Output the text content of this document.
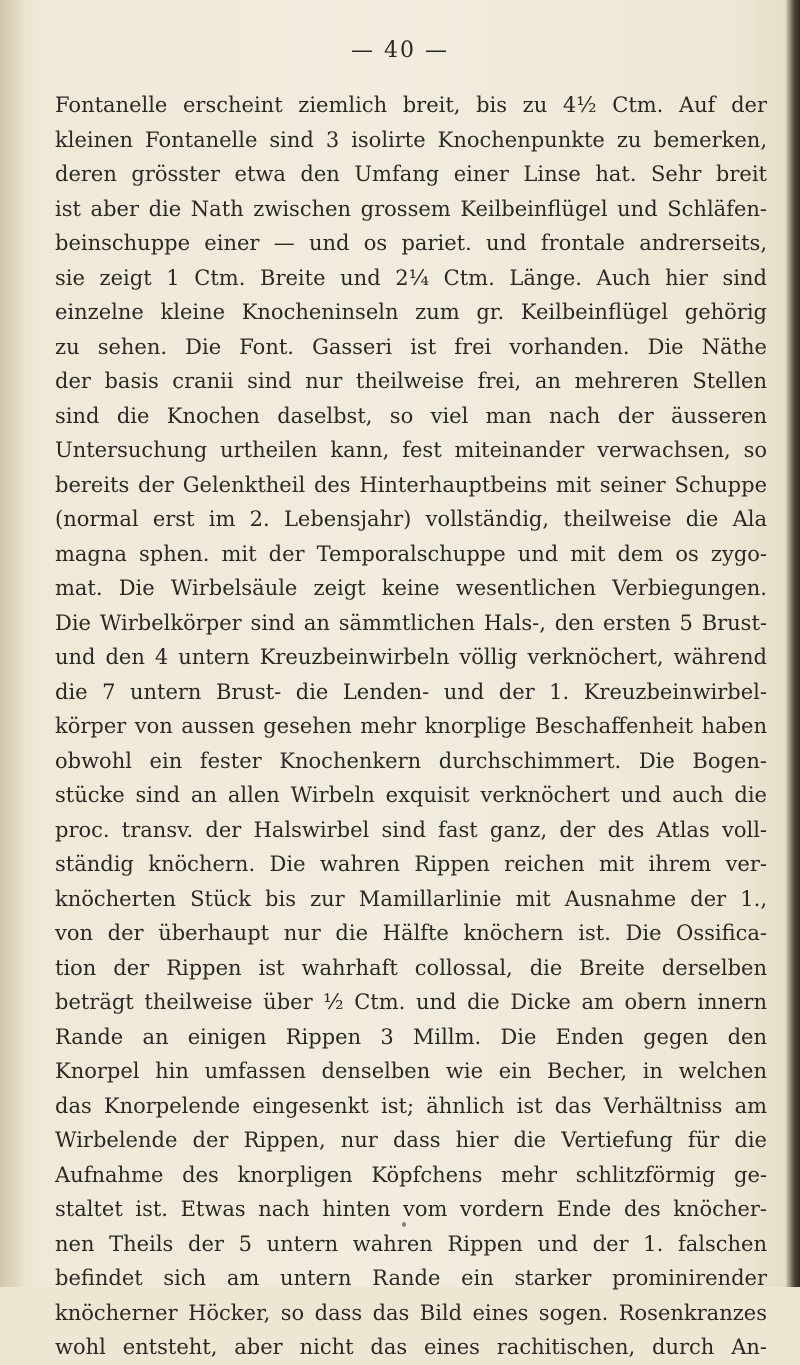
— 40 —
Fontanelle erscheint ziemlich breit, bis zu 4½ Ctm. Auf der
kleinen Fontanelle sind 3 isolirte Knochenpunkte zu bemerken,
deren grösster etwa den Umfang einer Linse hat. Sehr breit
ist aber die Nath zwischen grossem Keilbeinflügel und Schläfen-
beinschuppe einer — und os pariet. und frontale andrerseits,
sie zeigt 1 Ctm. Breite und 2¼ Ctm. Länge. Auch hier sind
einzelne kleine Knocheninseln zum gr. Keilbeinflügel gehörig
zu sehen. Die Font. Gasseri ist frei vorhanden. Die Näthe
der basis cranii sind nur theilweise frei, an mehreren Stellen
sind die Knochen daselbst, so viel man nach der äusseren
Untersuchung urtheilen kann, fest miteinander verwachsen, so
bereits der Gelenktheil des Hinterhauptbeins mit seiner Schuppe
(normal erst im 2. Lebensjahr) vollständig, theilweise die Ala
magna sphen. mit der Temporalschuppe und mit dem os zygo-
mat. Die Wirbelsäule zeigt keine wesentlichen Verbiegungen.
Die Wirbelkörper sind an sämmtlichen Hals-, den ersten 5 Brust-
und den 4 untern Kreuzbeinwirbeln völlig verknöchert, während
die 7 untern Brust- die Lenden- und der 1. Kreuzbeinwirbel-
körper von aussen gesehen mehr knorplige Beschaffenheit haben
obwohl ein fester Knochenkern durchschimmert. Die Bogen-
stücke sind an allen Wirbeln exquisit verknöchert und auch die
proc. transv. der Halswirbel sind fast ganz, der des Atlas voll-
ständig knöchern. Die wahren Rippen reichen mit ihrem ver-
knöcherten Stück bis zur Mamillarlinie mit Ausnahme der 1.,
von der überhaupt nur die Hälfte knöchern ist. Die Ossifica-
tion der Rippen ist wahrhaft collossal, die Breite derselben
beträgt theilweise über ½ Ctm. und die Dicke am obern innern
Rande an einigen Rippen 3 Millm. Die Enden gegen den
Knorpel hin umfassen denselben wie ein Becher, in welchen
das Knorpelende eingesenkt ist; ähnlich ist das Verhältniss am
Wirbelende der Rippen, nur dass hier die Vertiefung für die
Aufnahme des knorpligen Köpfchens mehr schlitzförmig ge-
staltet ist. Etwas nach hinten vom vordern Ende des knöcher-
nen Theils der 5 untern wahren Rippen und der 1. falschen
befindet sich am untern Rande ein starker prominirender
knöcherner Höcker, so dass das Bild eines sogen. Rosenkranzes
wohl entsteht, aber nicht das eines rachitischen, durch An-
